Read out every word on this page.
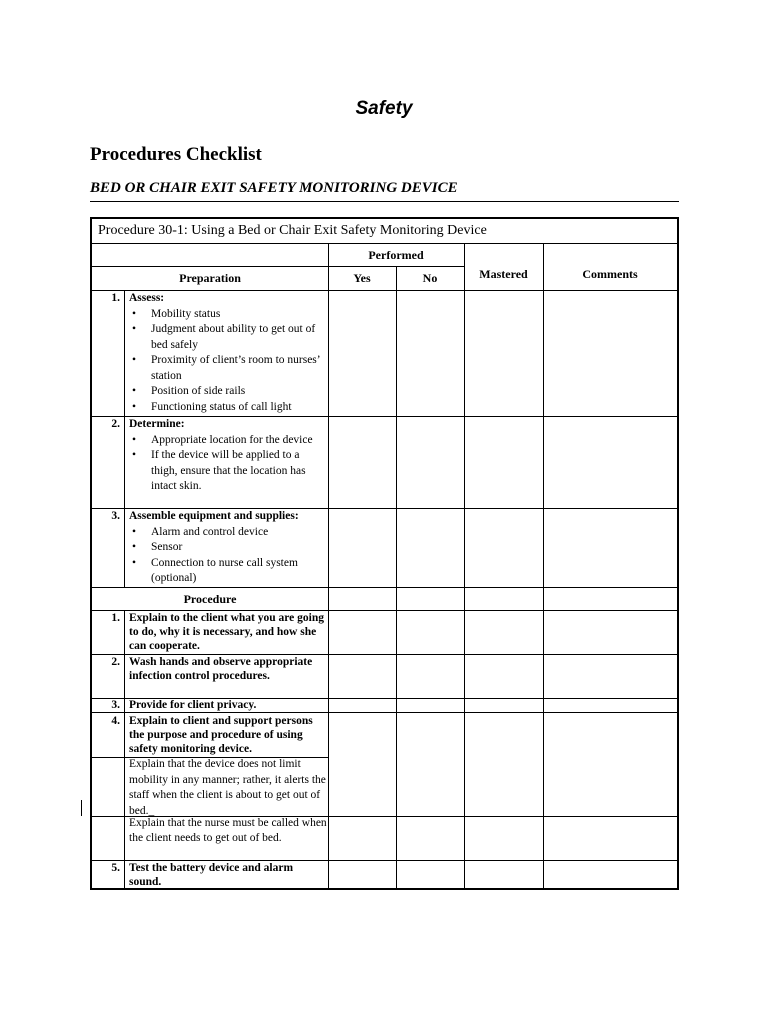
Safety
Procedures Checklist
BED OR CHAIR EXIT SAFETY MONITORING DEVICE
Procedure 30-1: Using a Bed or Chair Exit Safety Monitoring Device
Performed
Preparation	Yes	No	Mastered	Comments
1. Assess:
• Mobility status
• Judgment about ability to get out of bed safely
• Proximity of client’s room to nurses’ station
• Position of side rails
• Functioning status of call light
2. Determine:
• Appropriate location for the device
• If the device will be applied to a thigh, ensure that the location has intact skin.
3. Assemble equipment and supplies:
• Alarm and control device
• Sensor
• Connection to nurse call system (optional)
Procedure
1. Explain to the client what you are going to do, why it is necessary, and how she can cooperate.
2. Wash hands and observe appropriate infection control procedures.
3. Provide for client privacy.
4. Explain to client and support persons the purpose and procedure of using safety monitoring device.
Explain that the device does not limit mobility in any manner; rather, it alerts the staff when the client is about to get out of bed._
Explain that the nurse must be called when the client needs to get out of bed.
5. Test the battery device and alarm sound.
